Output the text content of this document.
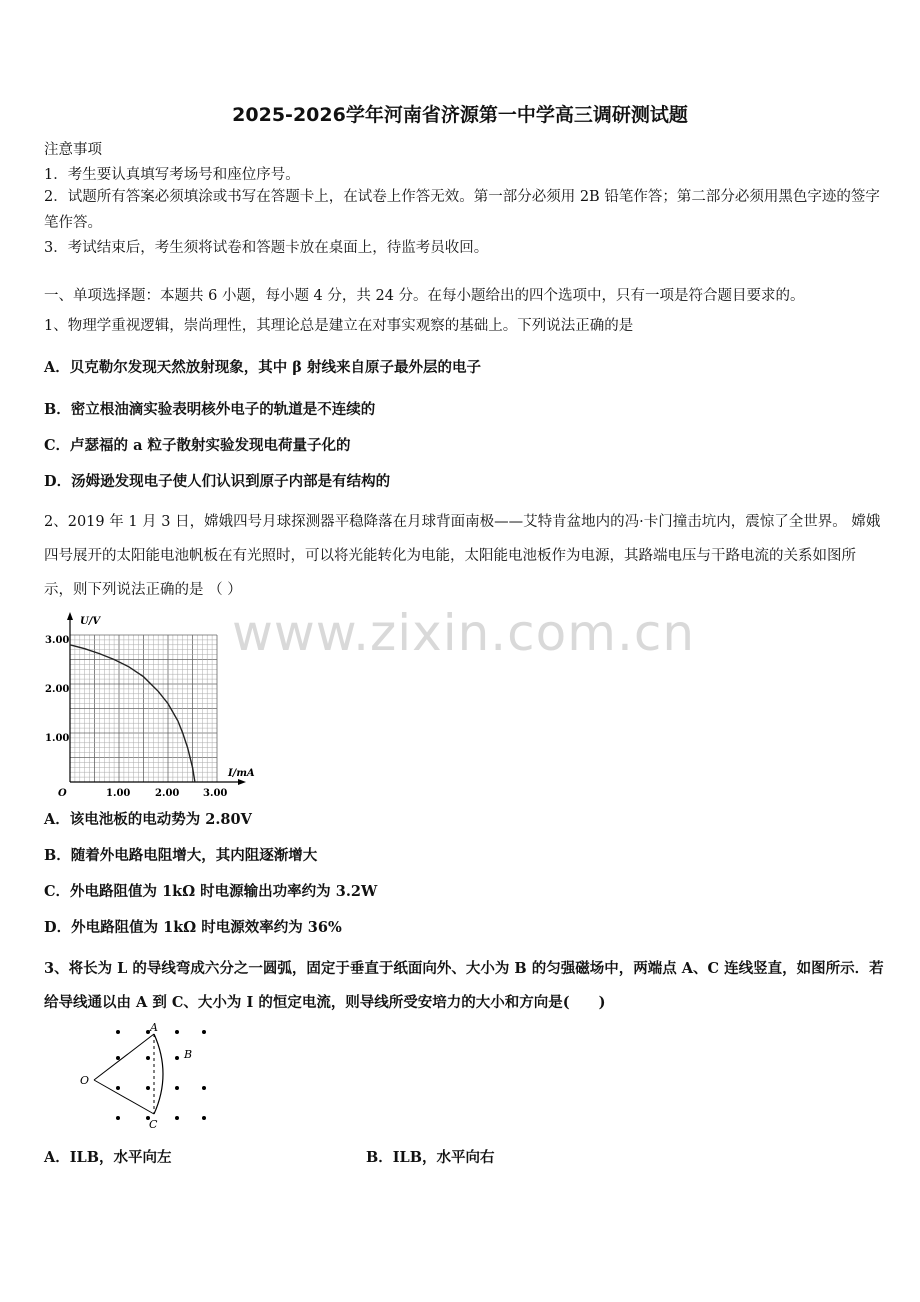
2025-2026学年河南省济源第一中学高三调研测试题
注意事项
1．考生要认真填写考场号和座位序号。
2．试题所有答案必须填涂或书写在答题卡上，在试卷上作答无效。第一部分必须用 2B 铅笔作答；第二部分必须用黑色字迹的签字笔作答。
3．考试结束后，考生须将试卷和答题卡放在桌面上，待监考员收回。
一、单项选择题：本题共 6 小题，每小题 4 分，共 24 分。在每小题给出的四个选项中，只有一项是符合题目要求的。
1、物理学重视逻辑，崇尚理性，其理论总是建立在对事实观察的基础上。下列说法正确的是
A．贝克勒尔发现天然放射现象，其中 β 射线来自原子最外层的电子
B．密立根油滴实验表明核外电子的轨道是不连续的
C．卢瑟福的 a 粒子散射实验发现电荷量子化的
D．汤姆逊发现电子使人们认识到原子内部是有结构的
2、2019 年 1 月 3 日，嫦娥四号月球探测器平稳降落在月球背面南极——艾特肯盆地内的冯·卡门撞击坑内，震惊了全世界。 嫦娥四号展开的太阳能电池帆板在有光照时，可以将光能转化为电能，太阳能电池板作为电源，其路端电压与干路电流的关系如图所示，则下列说法正确的是 （ ）
www.zixin.com.cn
U/V
I/mA
O
3.00
2.00
1.00
1.00 2.00 3.00
A．该电池板的电动势为 2.80V
B．随着外电路电阻增大，其内阻逐渐增大
C．外电路阻值为 1kΩ 时电源输出功率约为 3.2W
D．外电路阻值为 1kΩ 时电源效率约为 36%
3、将长为 L 的导线弯成六分之一圆弧，固定于垂直于纸面向外、大小为 B 的匀强磁场中，两端点 A、C 连线竖直，如图所示．若给导线通以由 A 到 C、大小为 I 的恒定电流，则导线所受安培力的大小和方向是(　　)
A
B
C
O
A．ILB，水平向左	B．ILB，水平向右
